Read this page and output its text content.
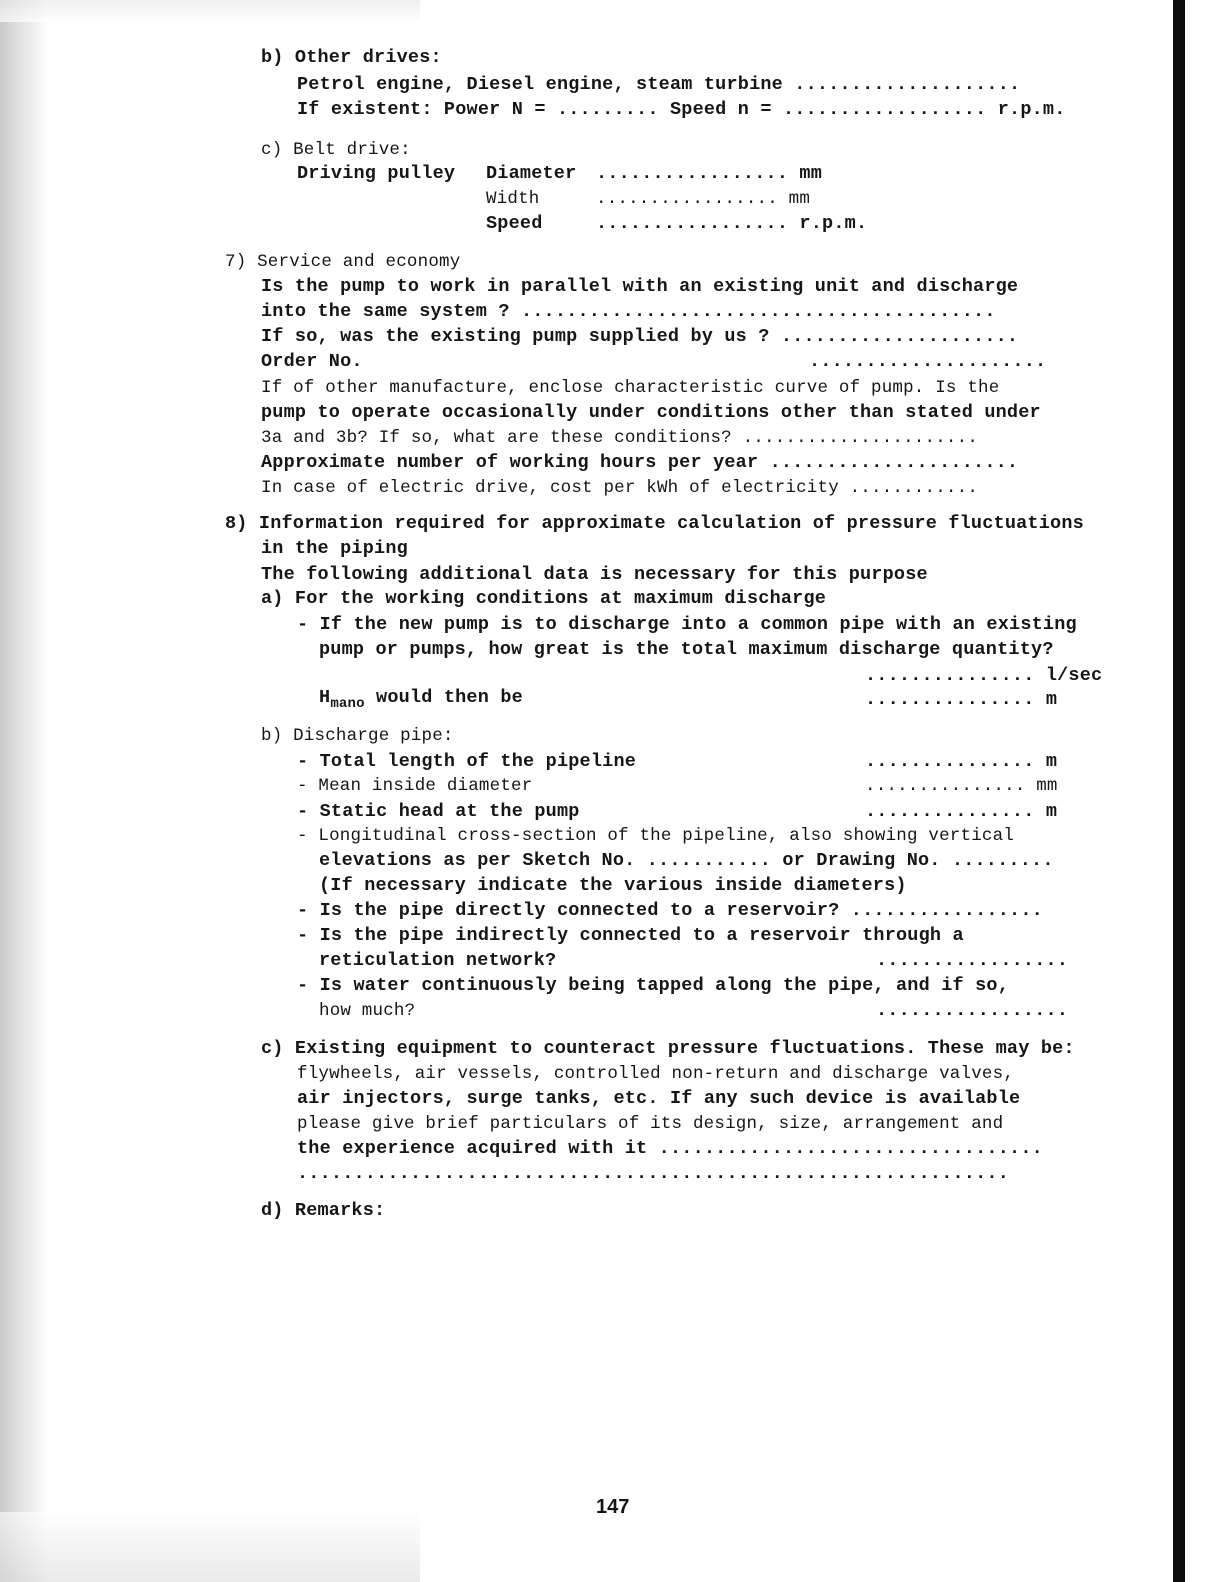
b) Other drives:
Petrol engine, Diesel engine, steam turbine ....................
If existent: Power N = ......... Speed n = .................. r.p.m.
c) Belt drive:
Driving pulley Diameter ................. mm
Width	................. mm
Speed	................. r.p.m.
7) Service and economy
Is the pump to work in parallel with an existing unit and discharge
into the same system ? ..........................................
If so, was the existing pump supplied by us ? .....................
Order No.	.....................
If of other manufacture, enclose characteristic curve of pump. Is the
pump to operate occasionally under conditions other than stated under
3a and 3b? If so, what are these conditions? ......................
Approximate number of working hours per year ......................
In case of electric drive, cost per kWh of electricity ............
8) Information required for approximate calculation of pressure fluctuations
in the piping
The following additional data is necessary for this purpose
a) For the working conditions at maximum discharge
- If the new pump is to discharge into a common pipe with an existing
pump or pumps, how great is the total maximum discharge quantity?
............... l/sec
$H_{mano}$ would then be	............... m
b) Discharge pipe:
- Total length of the pipeline	............... m
- Mean inside diameter	............... mm
- Static head at the pump	............... m
- Longitudinal cross-section of the pipeline, also showing vertical
elevations as per Sketch No. ........... or Drawing No. .........
(If necessary indicate the various inside diameters)
- Is the pipe directly connected to a reservoir? .................
- Is the pipe indirectly connected to a reservoir through a
reticulation network?	.................
- Is water continuously being tapped along the pipe, and if so,
how much?	.................
c) Existing equipment to counteract pressure fluctuations. These may be:
flywheels, air vessels, controlled non-return and discharge valves,
air injectors, surge tanks, etc. If any such device is available
please give brief particulars of its design, size, arrangement and
the experience acquired with it ..................................
...............................................................
d) Remarks:
147
